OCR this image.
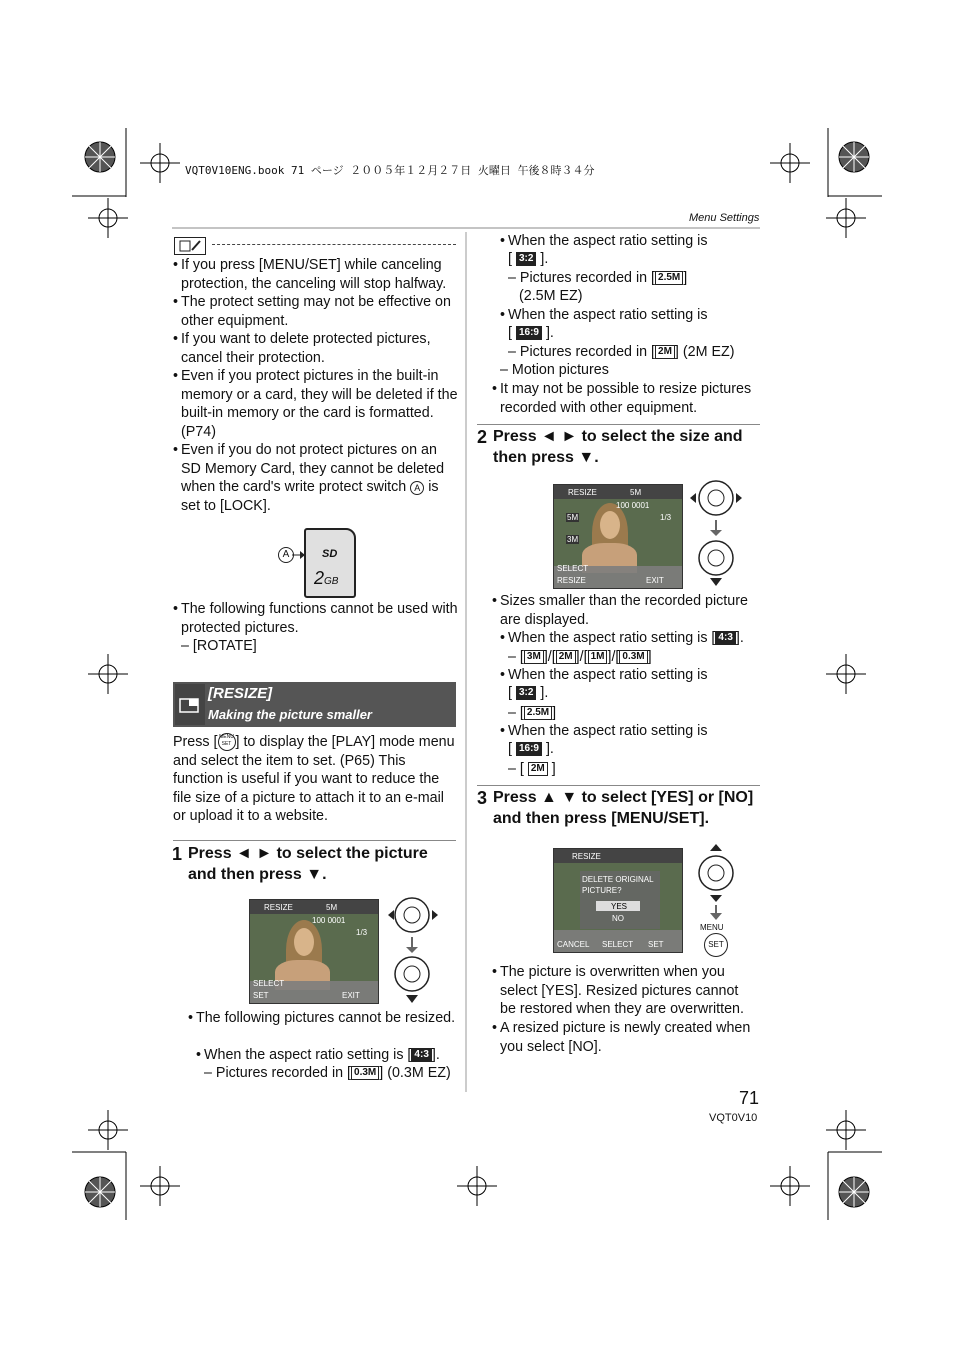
VQT0V10ENG.book 71 ページ ２００５年１２月２７日 火曜日 午後８時３４分
Menu Settings
• If you press [MENU/SET] while canceling protection, the canceling will stop halfway.
• The protect setting may not be effective on other equipment.
• If you want to delete protected pictures, cancel their protection.
• Even if you protect pictures in the built-in memory or a card, they will be deleted if the built-in memory or the card is formatted. (P74)
• Even if you do not protect pictures on an SD Memory Card, they cannot be deleted when the card's write protect switch A is set to [LOCK].
A	SD
2GB
• The following functions cannot be used with protected pictures.
– [ROTATE]
[RESIZE]
Making the picture smaller
Press [ MENU
SET ] to display the [PLAY] mode menu and select the item to set. (P65) This function is useful if you want to reduce the file size of a picture to attach it to an e-mail or upload it to a website.
1 Press ◄ ► to select the picture and then press ▼.
RESIZE	5M
100 0001
1/3
SELECT
SET	EXIT
• The following pictures cannot be resized.
• When the aspect ratio setting is [ 4:3 ].
– Pictures recorded in [ 0.3M ] (0.3M EZ)
• When the aspect ratio setting is
[ 3:2 ].
– Pictures recorded in [ 2.5M ]
(2.5M EZ)
• When the aspect ratio setting is
[ 16:9 ].
– Pictures recorded in [ 2M ] (2M EZ)
– Motion pictures
• It may not be possible to resize pictures recorded with other equipment.
2 Press ◄ ► to select the size and then press ▼.
RESIZE	5M
100 0001
1/3
5M
3M
SELECT
RESIZE	EXIT
• Sizes smaller than the recorded picture are displayed.
• When the aspect ratio setting is [ 4:3 ].
– [ 3M ]/[ 2M ]/[ 1M ]/[ 0.3M ]
• When the aspect ratio setting is
[ 3:2 ].
– [ 2.5M ]
• When the aspect ratio setting is
[ 16:9 ].
– [ 2M ]
3 Press ▲ ▼ to select [YES] or [NO] and then press [MENU/SET].
RESIZE
DELETE ORIGINAL
PICTURE?
YES
NO
CANCEL SELECT SET
MENU
SET
• The picture is overwritten when you select [YES]. Resized pictures cannot be restored when they are overwritten.
• A resized picture is newly created when you select [NO].
71
VQT0V10
